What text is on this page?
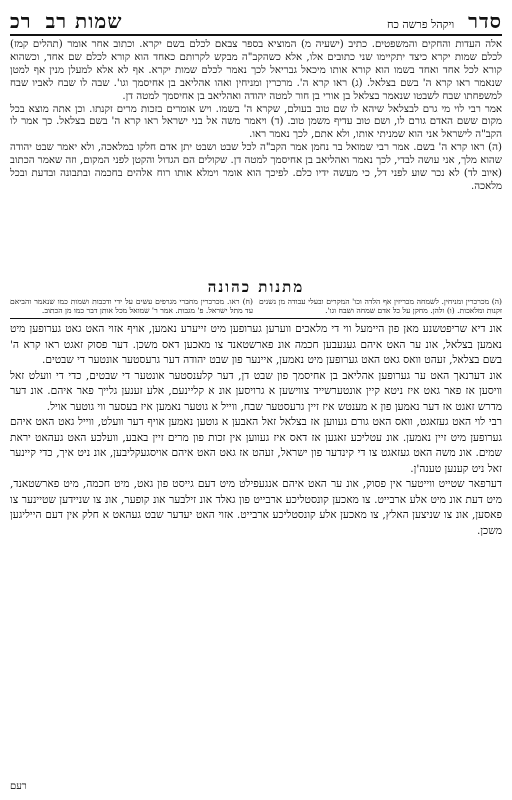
סדר
ויקהל פרשה כח
שמות רב
רכ

אלה העדות והחקים והמשפטים. כתיב (ישעיה מ) המוציא בספר צבאם לכלם בשם יקרא. וכתוב אחר אומר (תהלים קמז) לכלם שמות יקרא כיצד יתקיימו שני כתובים אלו, אלא כשהקב"ה מבקש לקרותם כאחד הוא קורא לכלם שם אחד, וכשהוא קורא לכל אחד ואחד בשמו הוא קורא אותו מיכאל גבריאל לכך נאמר לכלם שמות יקרא. אף לא אלא למעלן מנין אף למטן שנאמר ראו קרא ה' בשם בצלאל. (ג) ראו קרא ה'. מרכרין ומניחין ואהו אהליאב בן אחיסמך וגו'. שבה לו שבח לאביו שבח למשפחתו שבח לשבטו שנאמר בצלאל בן אורי בן חור למטה יהודה ואהליאב בן אחיסמך למטה דן.

אמר רבי לוי מי גרם לבצלאל שיהא לו שם טוב בעולם, שקרא ה' בשמו. ויש אומרים בזכות מרים זקנתו. וכן אתה מוצא בכל מקום ששם האדם גורם לו, ושם טוב עדיף משמן טוב. (ד) ויאמר משה אל בני ישראל ראו קרא ה' בשם בצלאל. כך אמר לו הקב"ה לישראל אני הוא שמניתי אותו, ולא אתם, לכך נאמר ראו.

(ה) ראו קרא ה' בשם. אמר רבי שמואל בר נחמן אמר הקב"ה לכל שבט ושבט יתן אדם חלקו במלאכה, ולא יאמר שבט יהודה שהוא מלך, אני עושה לבדי, לכך נאמר ואהליאב בן אחיסמך למטה דן. שקולים הם הגדול והקטן לפני המקום, וזה שאמר הכתוב (איוב לד) לא נכר שוע לפני דל, כי מעשה ידיו כלם. לפיכך הוא אומר וימלא אותו רוח אלהים בחכמה ובתבונה ובדעת ובכל מלאכה.

מתנות כהונה
(ה) מכרכרין ומניחין. לשמחה מכריזין אף הלדה וכו' המקרים ובעלי עבודה מן נשנים זקנות ומלאכות. (ו) ולהן. מחקן על כל אדם שמחה ושבח וגו'.
(ח) ראו. מכרכרין מחברי מגרפים עשים על ידי ודכבות ושמות כמו שנאמר והביאם עד מתל ישראל. פ' מגבות. אמר ר' שמואל מכל אותן דבר כמו מן הכתוב.

אונ דיא שריפטשנע מאן פון היימעל ווי די מלאכים ווערען גערופען מיט זייערע נאמען, אויף אזוי האט גאט גערופען מיט נאמען בצלאל, אונ ער האט איהם געגעבען חכמה אונ פארשטאנד צו מאכען דאס משכן. דער פסוק זאגט ראו קרא ה' בשם בצלאל, זעהט וואס גאט האט גערופען מיט נאמען, איינער פון שבט יהודה דער גרעסטער אונטער די שבטים.

אונ דערנאך האט ער גערופען אהליאב בן אחיסמך פון שבט דן, דער קלענסטער אונטער די שבטים, כדי די וועלט זאל וויסען אז פאר גאט איז ניטא קיין אונטערשייד צווישען א גרויסען אונ א קליינעם, אלע זענען גלייך פאר איהם. אונ דער מדרש זאגט אז דער נאמען פון א מענטש איז זיין גרעסטער שבח, ווייל א גוטער נאמען איז בעסער ווי גוטער אויל.

רבי לוי האט געזאגט, וואס האט גורם געווען אז בצלאל זאל האבען א גוטען נאמען אויף דער וועלט, ווייל גאט האט איהם גערופען מיט זיין נאמען. אונ עטליכע זאגען אז דאס איז געווען אין זכות פון מרים זיין באבע, וועלכע האט געהאט יראת שמים. אונ משה האט געזאגט צו די קינדער פון ישראל, זעהט אז גאט האט איהם אויסגעקליבען, אונ ניט איך, כדי קיינער זאל ניט קענען טענה'ן.

דערפאר שטייט ווייטער אין פסוק, אונ ער האט איהם אנגעפילט מיט דעם גייסט פון גאט, מיט חכמה, מיט פארשטאנד, מיט דעת אונ מיט אלע ארבייט. צו מאכען קונסטליכע ארבייט פון גאלד אונ זילבער אונ קופער, אונ צו שניידען שטיינער צו פאסען, אונ צו שניצען האלץ, צו מאכען אלע קונסטליכע ארבייט. אזוי האט יעדער שבט געהאט א חלק אין דעם הייליגען משכן.

רעם
